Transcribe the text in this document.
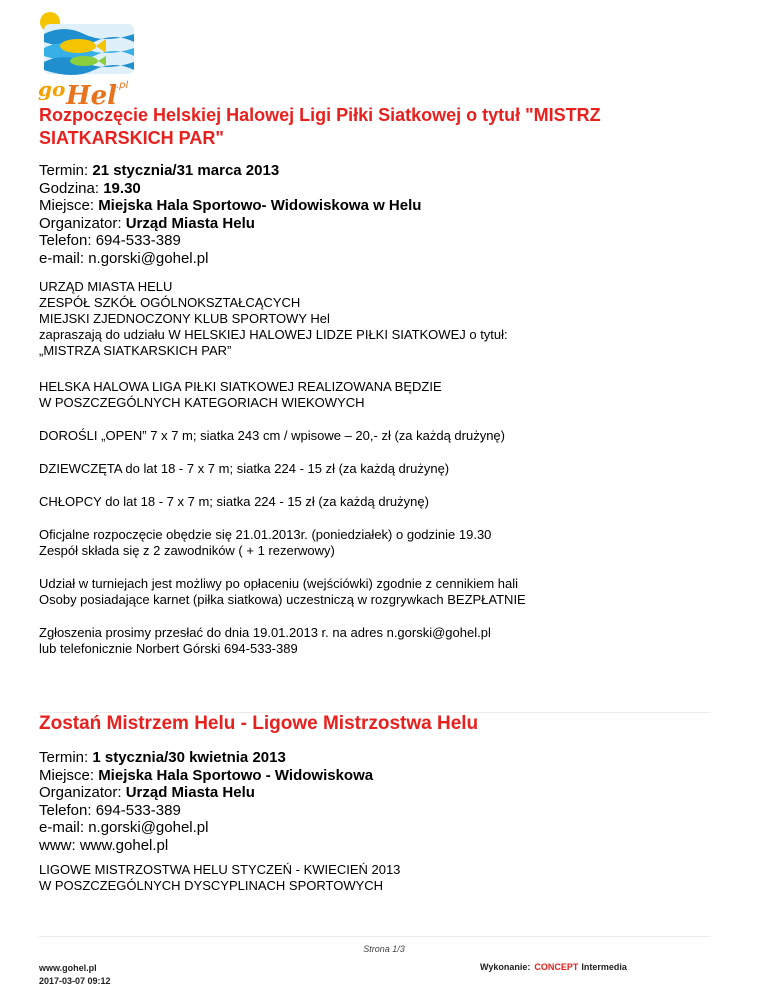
go Hel .pl
Rozpoczęcie Helskiej Halowej Ligi Piłki Siatkowej o tytuł "MISTRZ SIATKARSKICH PAR"
Termin: 21 stycznia/31 marca 2013
Godzina: 19.30
Miejsce: Miejska Hala Sportowo- Widowiskowa w Helu
Organizator: Urząd Miasta Helu
Telefon: 694-533-389
e-mail: n.gorski@gohel.pl
URZĄD MIASTA HELU
ZESPÓŁ SZKÓŁ OGÓLNOKSZTAŁCĄCYCH
MIEJSKI ZJEDNOCZONY KLUB SPORTOWY Hel
zapraszają do udziału W HELSKIEJ HALOWEJ LIDZE PIŁKI SIATKOWEJ o tytuł:
„MISTRZA SIATKARSKICH PAR”
HELSKA HALOWA LIGA PIŁKI SIATKOWEJ REALIZOWANA BĘDZIE
W POSZCZEGÓLNYCH KATEGORIACH WIEKOWYCH
DOROŚLI „OPEN” 7 x 7 m; siatka 243 cm / wpisowe – 20,- zł (za każdą drużynę)
DZIEWCZĘTA do lat 18 - 7 x 7 m; siatka 224 - 15 zł (za każdą drużynę)
CHŁOPCY do lat 18 - 7 x 7 m; siatka 224 - 15 zł (za każdą drużynę)
Oficjalne rozpoczęcie obędzie się 21.01.2013r. (poniedziałek) o godzinie 19.30
Zespół składa się z 2 zawodników ( + 1 rezerwowy)
Udział w turniejach jest możliwy po opłaceniu (wejściówki) zgodnie z cennikiem hali
Osoby posiadające karnet (piłka siatkowa) uczestniczą w rozgrywkach BEZPŁATNIE
Zgłoszenia prosimy przesłać do dnia 19.01.2013 r. na adres n.gorski@gohel.pl
lub telefonicznie Norbert Górski 694-533-389
Zostań Mistrzem Helu - Ligowe Mistrzostwa Helu
Termin: 1 stycznia/30 kwietnia 2013
Miejsce: Miejska Hala Sportowo - Widowiskowa
Organizator: Urząd Miasta Helu
Telefon: 694-533-389
e-mail: n.gorski@gohel.pl
www: www.gohel.pl
LIGOWE MISTRZOSTWA HELU STYCZEŃ - KWIECIEŃ 2013
W POSZCZEGÓLNYCH DYSCYPLINACH SPORTOWYCH
Strona 1/3
www.gohel.pl
2017-03-07 09:12
Wykonanie: CONCEPT Intermedia
